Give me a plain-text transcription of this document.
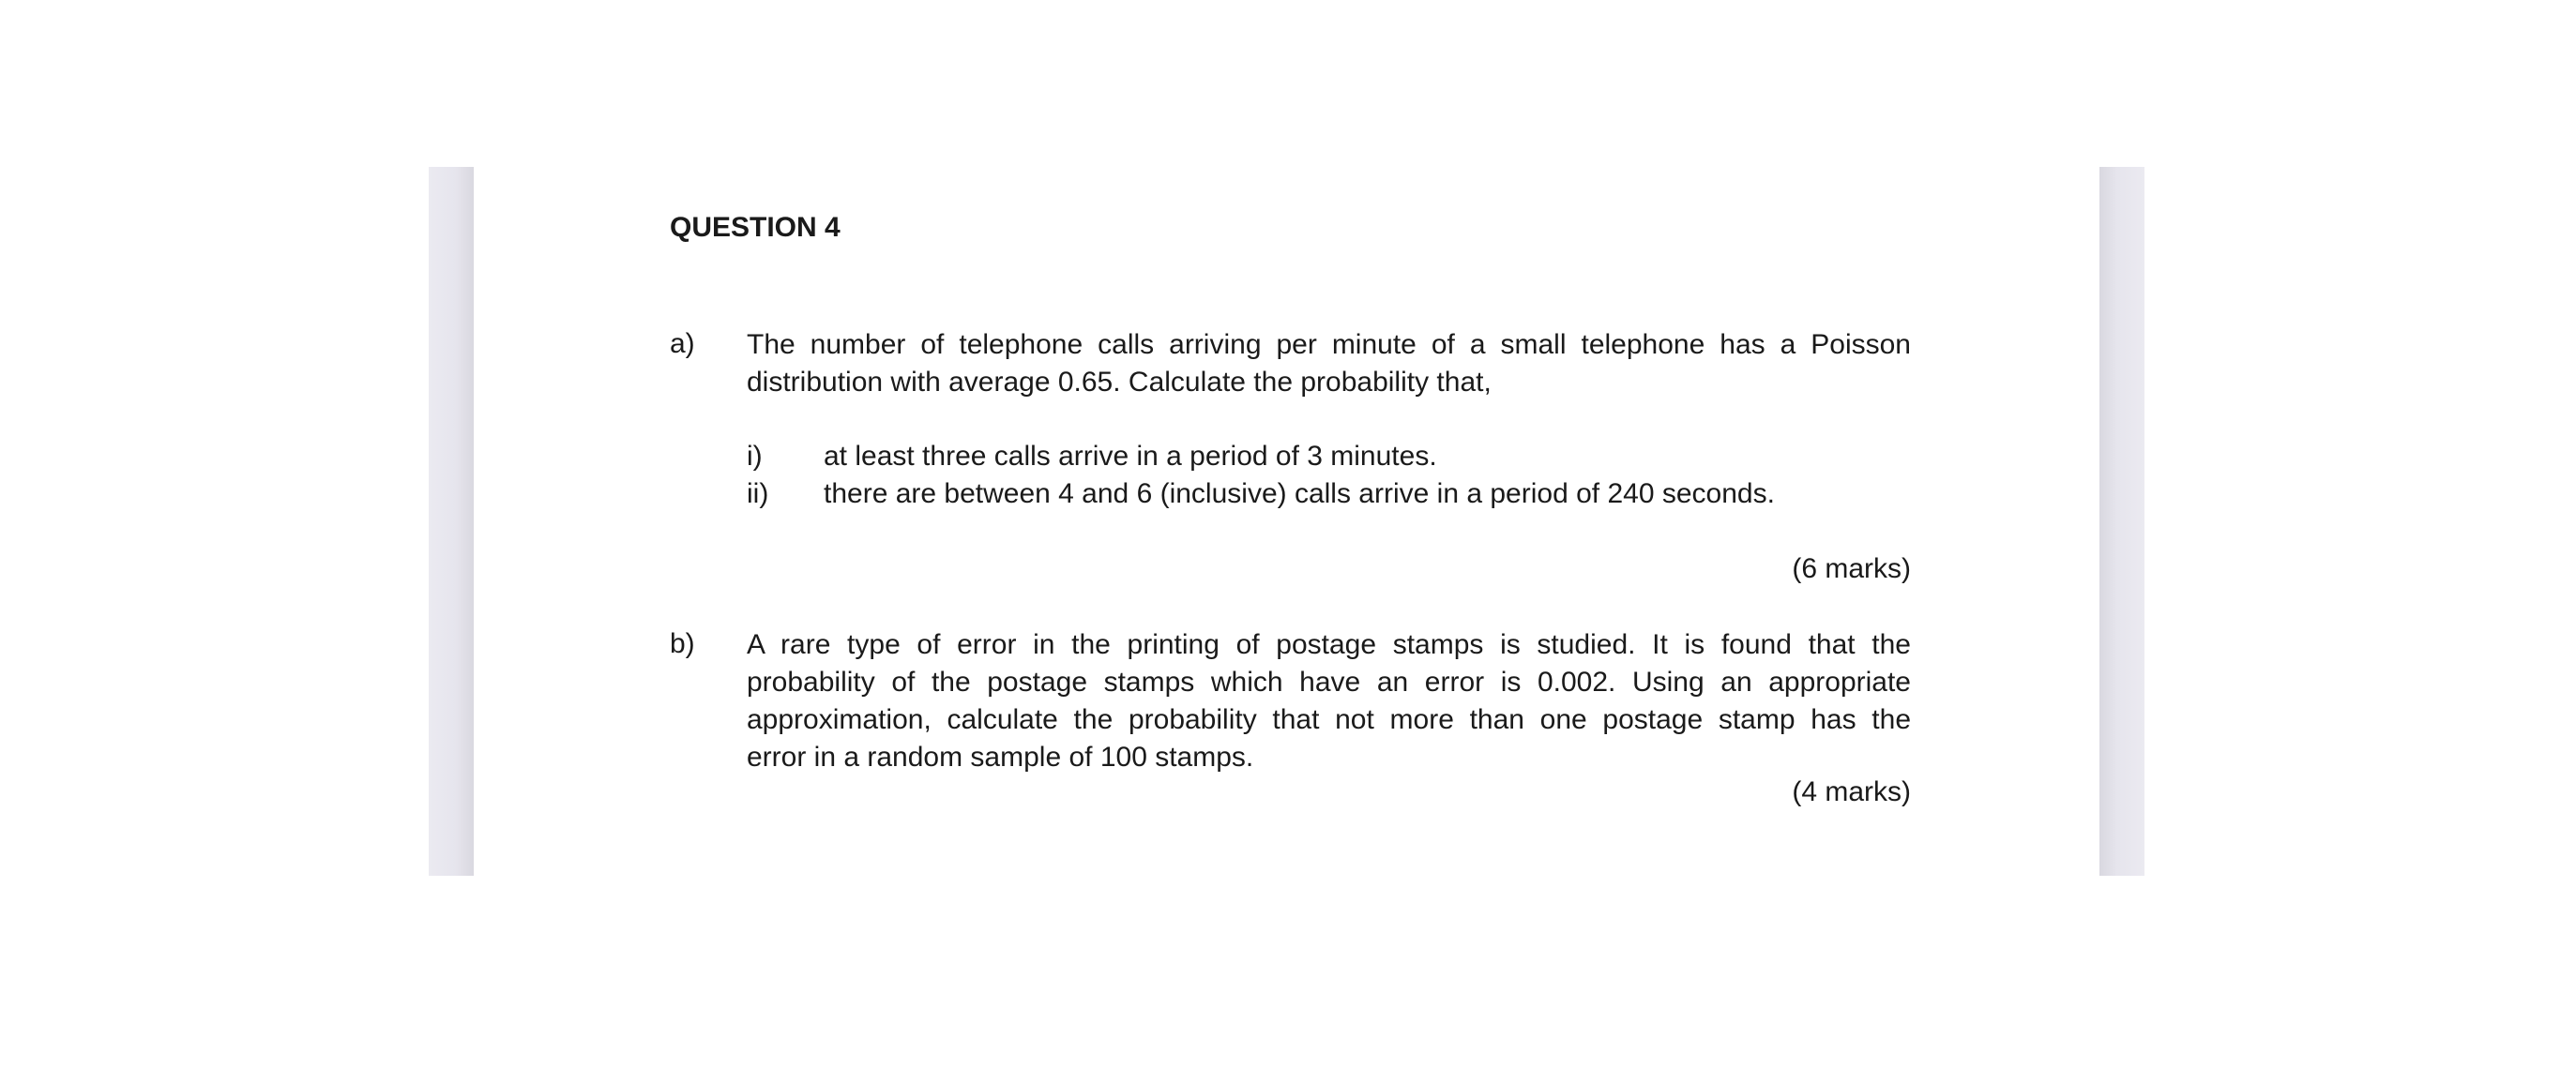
QUESTION 4
a) The number of telephone calls arriving per minute of a small telephone has a Poisson
distribution with average 0.65. Calculate the probability that,
i) at least three calls arrive in a period of 3 minutes.
ii) there are between 4 and 6 (inclusive) calls arrive in a period of 240 seconds.
(6 marks)
b) A rare type of error in the printing of postage stamps is studied. It is found that the
probability of the postage stamps which have an error is 0.002. Using an appropriate
approximation, calculate the probability that not more than one postage stamp has the
error in a random sample of 100 stamps.
(4 marks)
